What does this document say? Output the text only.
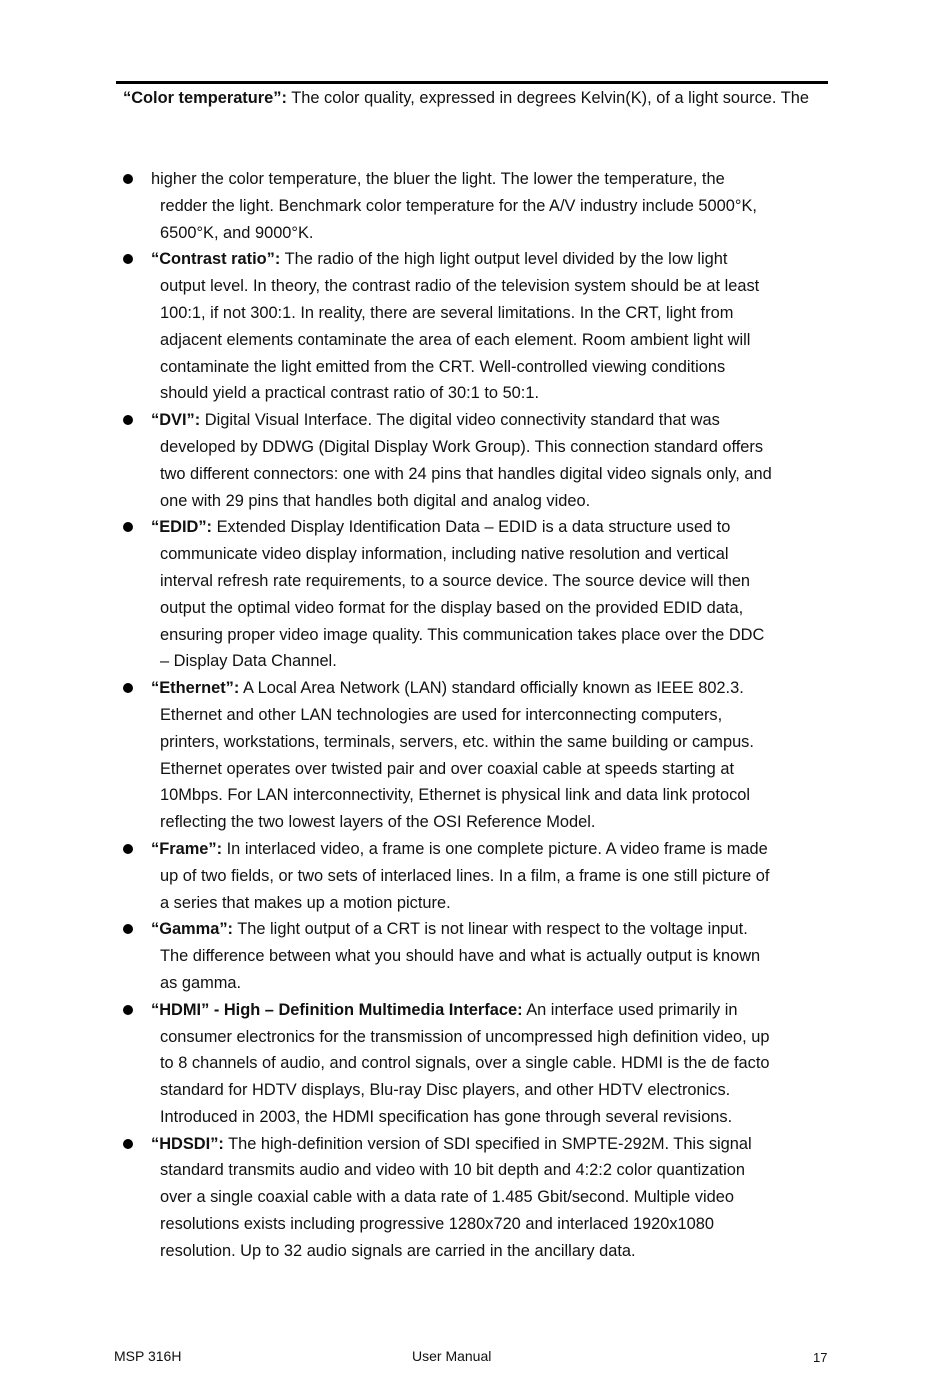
“Color temperature”: The color quality, expressed in degrees Kelvin(K), of a light source. The
higher the color temperature, the bluer the light. The lower the temperature, the
redder the light. Benchmark color temperature for the A/V industry include 5000°K,
6500°K, and 9000°K.
“Contrast ratio”: The radio of the high light output level divided by the low light
output level. In theory, the contrast radio of the television system should be at least
100:1, if not 300:1. In reality, there are several limitations. In the CRT, light from
adjacent elements contaminate the area of each element. Room ambient light will
contaminate the light emitted from the CRT. Well-controlled viewing conditions
should yield a practical contrast ratio of 30:1 to 50:1.
“DVI”: Digital Visual Interface. The digital video connectivity standard that was
developed by DDWG (Digital Display Work Group). This connection standard offers
two different connectors: one with 24 pins that handles digital video signals only, and
one with 29 pins that handles both digital and analog video.
“EDID”: Extended Display Identification Data – EDID is a data structure used to
communicate video display information, including native resolution and vertical
interval refresh rate requirements, to a source device. The source device will then
output the optimal video format for the display based on the provided EDID data,
ensuring proper video image quality. This communication takes place over the DDC
– Display Data Channel.
“Ethernet”: A Local Area Network (LAN) standard officially known as IEEE 802.3.
Ethernet and other LAN technologies are used for interconnecting computers,
printers, workstations, terminals, servers, etc. within the same building or campus.
Ethernet operates over twisted pair and over coaxial cable at speeds starting at
10Mbps. For LAN interconnectivity, Ethernet is physical link and data link protocol
reflecting the two lowest layers of the OSI Reference Model.
“Frame”: In interlaced video, a frame is one complete picture. A video frame is made
up of two fields, or two sets of interlaced lines. In a film, a frame is one still picture of
a series that makes up a motion picture.
“Gamma”: The light output of a CRT is not linear with respect to the voltage input.
The difference between what you should have and what is actually output is known
as gamma.
“HDMI” - High – Definition Multimedia Interface: An interface used primarily in
consumer electronics for the transmission of uncompressed high definition video, up
to 8 channels of audio, and control signals, over a single cable. HDMI is the de facto
standard for HDTV displays, Blu-ray Disc players, and other HDTV electronics.
Introduced in 2003, the HDMI specification has gone through several revisions.
“HDSDI”: The high-definition version of SDI specified in SMPTE-292M. This signal
standard transmits audio and video with 10 bit depth and 4:2:2 color quantization
over a single coaxial cable with a data rate of 1.485 Gbit/second. Multiple video
resolutions exists including progressive 1280x720 and interlaced 1920x1080
resolution. Up to 32 audio signals are carried in the ancillary data.
MSP 316H	User Manual	17
